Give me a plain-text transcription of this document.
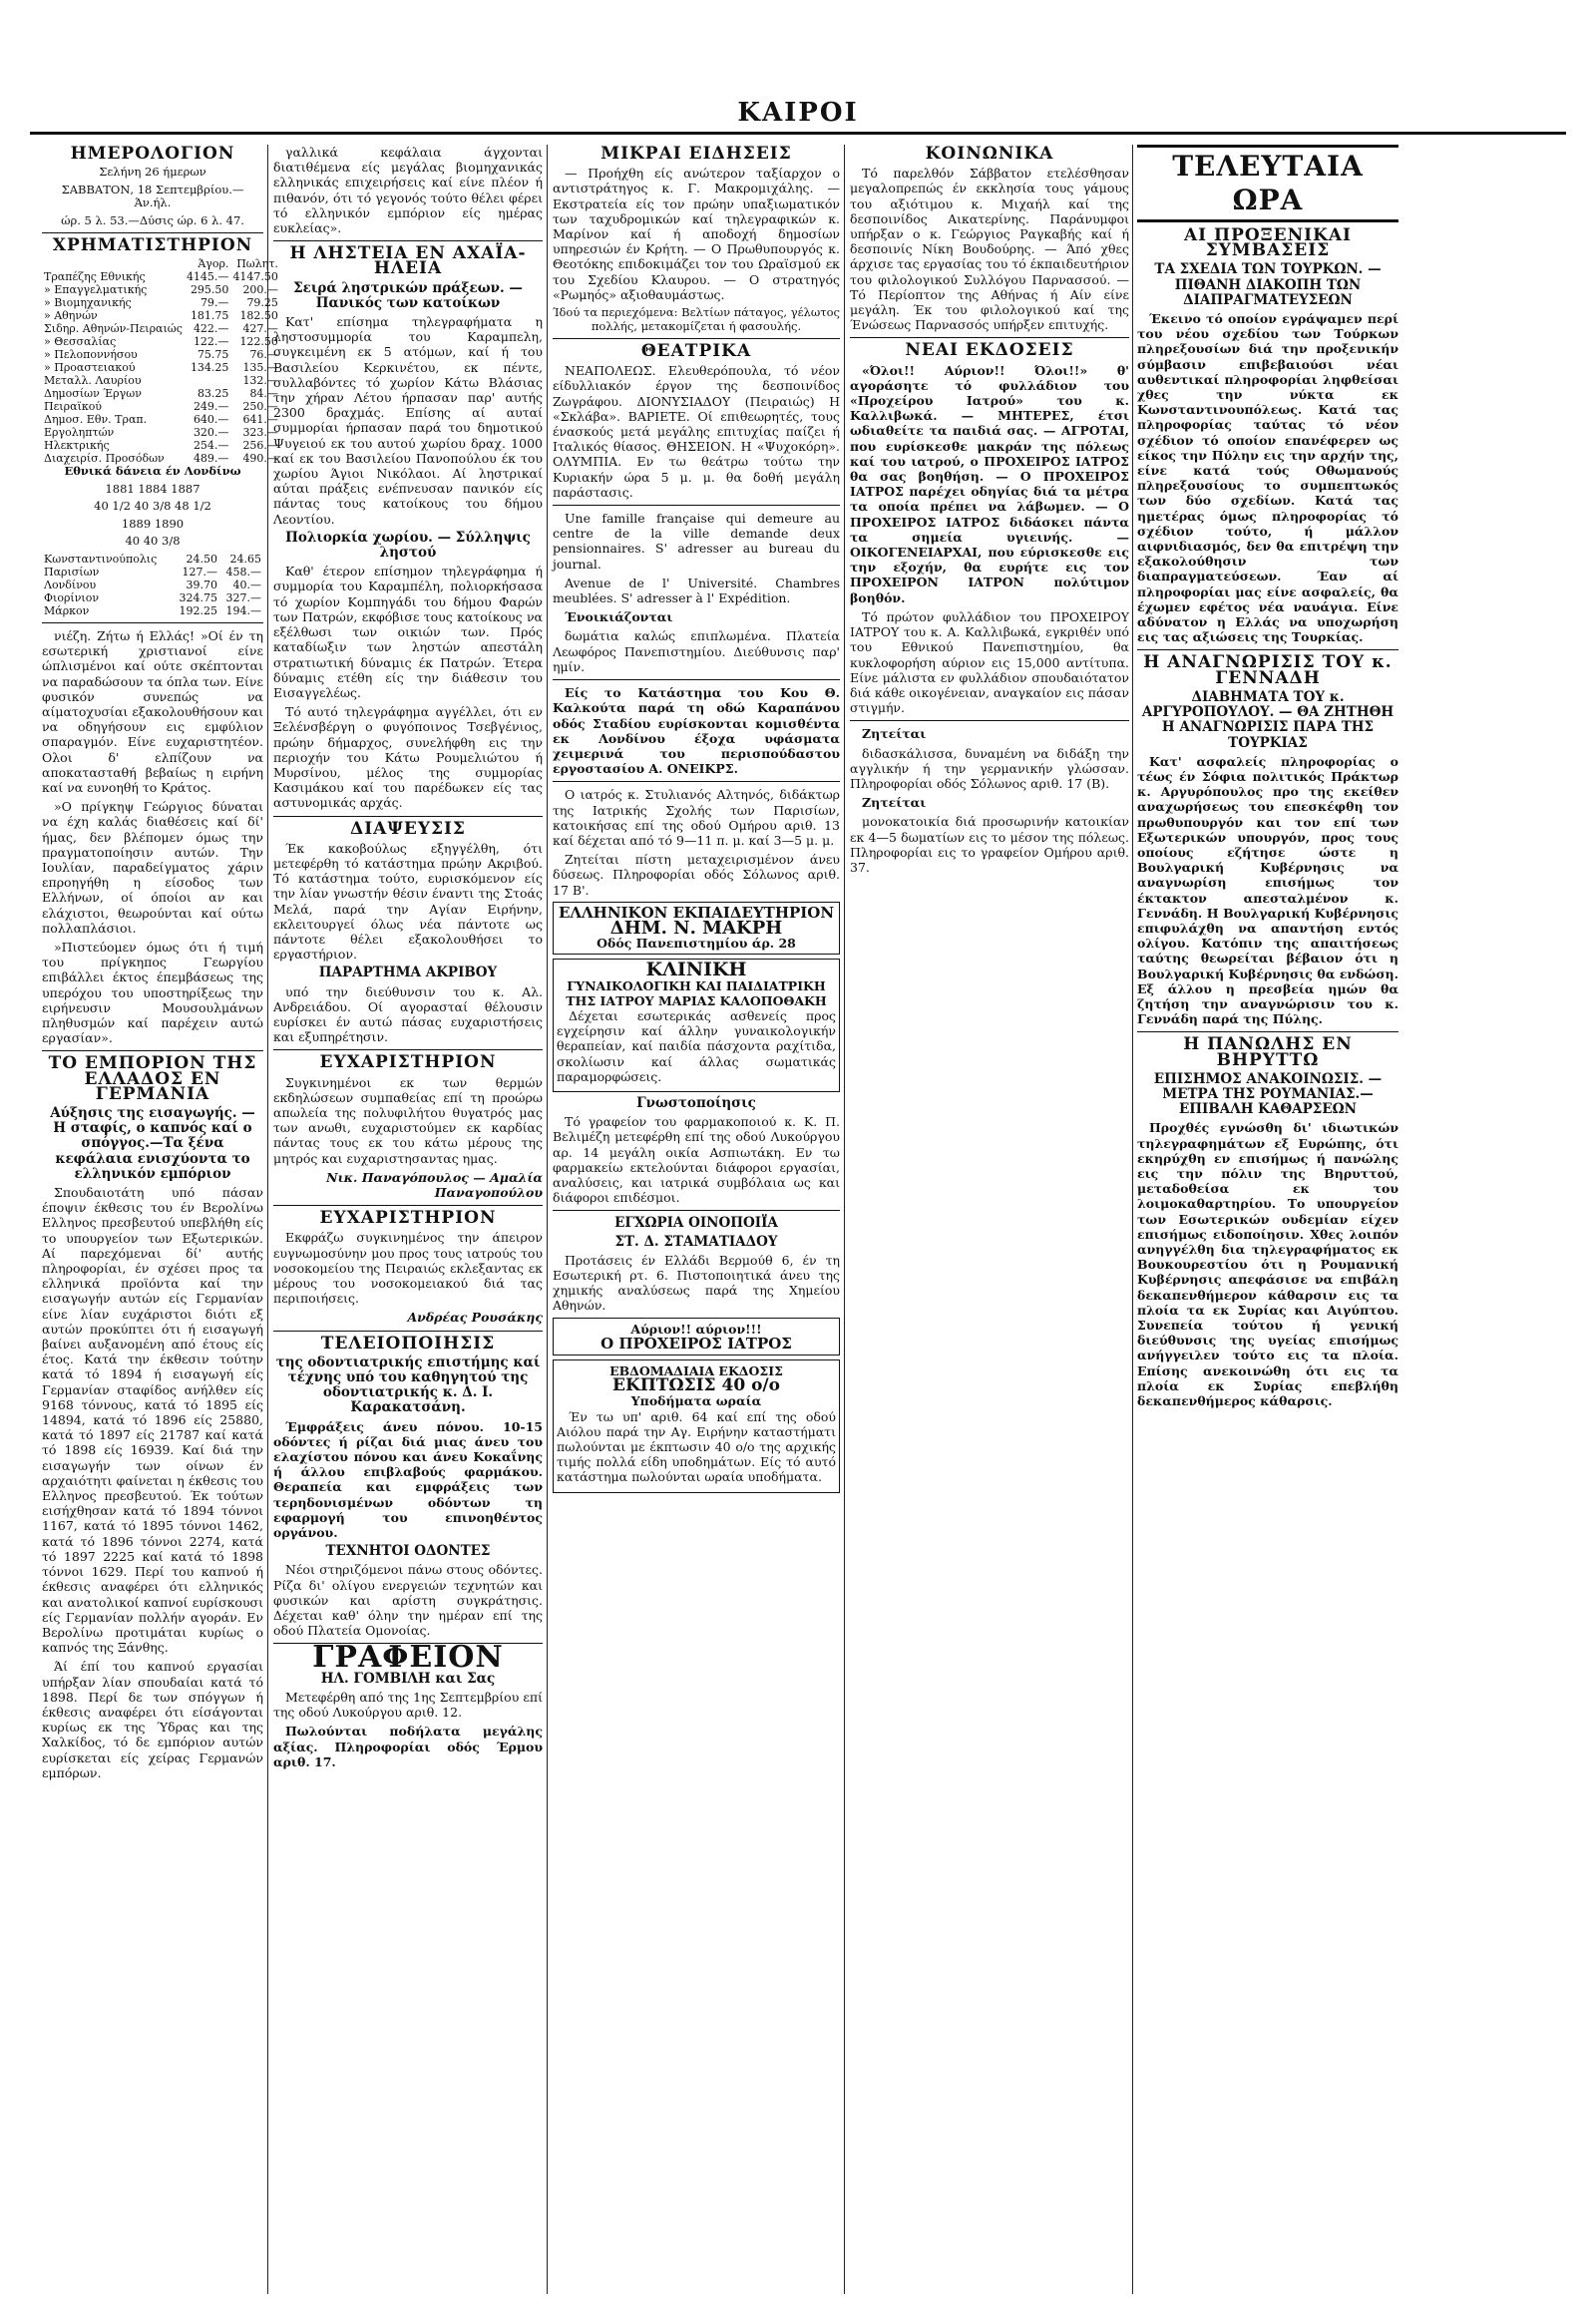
ΚΑΙΡΟΙ
ΗΜΕΡΟΛΟΓΙΟΝ

Σελήνη 26 ήμερων

ΣΑΒΒΑΤΟΝ, 18 Σεπτεμβρίου.— Άν.ήλ.

ώρ. 5 λ. 53.—Δύσις ώρ. 6 λ. 47.

ΧΡΗΜΑΤΙΣΤΗΡΙΟΝ
	Άγορ.	Πωλητ.
Τραπέζης Εθνικής	4145.—	4147.50
» Επαγγελματικής	295.50	200.—
» Βιομηχανικής	79.—	79.25
» Αθηνών	181.75	182.50
Σιδηρ. Αθηνών-Πειραιώς	422.—	427.—
» Θεσσαλίας	122.—	122.50
» Πελοποννήσου	75.75	76.—
» Προαστειακού	134.25	135.—
Μεταλλ. Λαυρίου		132.—
Δημοσίων Έργων	83.25	84.—
Πειραϊκού	249.—	250.—
Δημοσ. Εθν. Τραπ.	640.—	641.—
Εργοληπτών	320.—	323.—
Ηλεκτρικής	254.—	256.—
Διαχειρίσ. Προσόδων	489.—	490.—

Εθνικά δάνεια έν Λονδίνω

1881 1884 1887

40 1/2 40 3/8 48 1/2

1889 1890

40 40 3/8

Κωνσταντινούπολις	24.50	24.65
Παρισίων	127.—	458.—
Λονδίνου	39.70	40.—
Φιορίνιον	324.75	327.—
Μάρκον	192.25	194.—

νιέζη. Ζήτω ή Ελλάς! »Οί έν τη εσωτερική χριστιανοί είνε ώπλισμένοι καί ούτε σκέπτονται να παραδώσουν τα όπλα των. Είνε φυσικόν συνεπώς να αίματοχυσίαι εξακολουθήσουν και να οδηγήσουν εις εμφύλιον σπαραγμόν. Είνε ευχαριστητέον. Ολοι δ' ελπίζουν να αποκατασταθή βεβαίως η ειρήνη καί να ευνοηθή το Κράτος.

»Ο πρίγκηψ Γεώργιος δύναται να έχη καλάς διαθέσεις καί δί' ήμας, δεν βλέπομεν όμως την πραγματοποίησιν αυτών. Την Ιουλίαν, παραδείγματος χάριν επροηγήθη η είσοδος των Ελλήνων, οί όποίοι αν και ελάχιστοι, θεωρούνται καί ούτω πολλαπλάσιοι.

»Πιστεύομεν όμως ότι ή τιμή του πρίγκηπος Γεωργίου επιβάλλει έκτος έπεμβάσεως της υπερόχου του υποστηρίξεως την ειρήνευσιν Μουσουλμάνων πληθυσμών καί παρέχειν αυτώ εργασίαν».

ΤΟ ΕΜΠΟΡΙΟΝ ΤΗΣ ΕΛΛΑΔΟΣ ΕΝ ΓΕΡΜΑΝΙΑ
Αύξησις της εισαγωγής. — Η σταφίς, ο καπνός καί ο σπόγγος.—Τα ξένα κεφάλαια ενισχύοντα το ελληνικόν εμπόριον

Σπουδαιοτάτη υπό πάσαν έποψιν έκθεσις του έν Βερολίνω Ελληνος πρεσβευτού υπεβλήθη είς το υπουργείον των Εξωτερικών. Αί παρεχόμεναι δί' αυτής πληροφορίαι, έν σχέσει προς τα ελληνικά προϊόντα καί την εισαγωγήν αυτών είς Γερμανίαν είνε λίαν ευχάριστοι διότι εξ αυτών προκύπτει ότι ή εισαγωγή βαίνει αυξανομένη από έτους είς έτος. Κατά την έκθεσιν τούτην κατά τό 1894 ή εισαγωγή είς Γερμανίαν σταφίδος ανήλθεν είς 9168 τόννους, κατά τό 1895 είς 14894, κατά τό 1896 είς 25880, κατά τό 1897 είς 21787 καί κατά τό 1898 είς 16939. Καί διά την εισαγωγήν των οίνων έν αρχαιότητι φαίνεται η έκθεσις του Ελληνος πρεσβευτού. Έκ τούτων εισήχθησαν κατά τό 1894 τόννοι 1167, κατά τό 1895 τόννοι 1462, κατά τό 1896 τόννοι 2274, κατά τό 1897 2225 καί κατά τό 1898 τόννοι 1629. Περί του καπνού ή έκθεσις αναφέρει ότι ελληνικός και ανατολικοί καπνοί ευρίσκουσι είς Γερμανίαν πολλήν αγοράν. Εν Βερολίνω προτιμάται κυρίως ο καπνός της Ξάνθης.

Άί έπί του καπνού εργασίαι υπήρξαν λίαν σπουδαίαι κατά τό 1898. Περί δε των σπόγγων ή έκθεσις αναφέρει ότι είσάγονται κυρίως εκ της Ύδρας και της Χαλκίδος, τό δε εμπόριον αυτών ευρίσκεται είς χείρας Γερμανών εμπόρων.

γαλλικά κεφάλαια άγχονται διατιθέμενα είς μεγάλας βιομηχανικάς ελληνικάς επιχειρήσεις καί είνε πλέον ή πιθανόν, ότι τό γεγονός τούτο θέλει φέρει τό ελληνικόν εμπόριον είς ημέρας ευκλείας».

Η ΛΗΣΤΕΙΑ ΕΝ ΑΧΑΪΑ-ΗΛΕΙΑ
Σειρά ληστρικών πράξεων. — Πανικός των κατοίκων

Κατ' επίσημα τηλεγραφήματα η ληστοσυμμορία του Καραμπελη, συγκειμένη εκ 5 ατόμων, καί ή του Βασιλείου Κερκινέτου, εκ πέντε, συλλαβόντες τό χωρίον Κάτω Βλάσιας την χήραν Λέτου ήρπασαν παρ' αυτής 2300 δραχμάς. Επίσης αί αυταί συμμορίαι ήρπασαν παρά του δημοτικού Ψυγειού εκ του αυτού χωρίου δραχ. 1000 καί εκ του Βασιλείου Πανοπούλου έκ του χωρίου Άγιοι Νικόλαοι. Αί ληστρικαί αύται πράξεις ενέπνευσαν πανικόν είς πάντας τους κατοίκους του δήμου Λεοντίου.

Πολιορκία χωρίου. — Σύλληψις ληστού

Καθ' έτερον επίσημον τηλεγράφημα ή συμμορία του Καραμπέλη, πολιορκήσασα τό χωρίον Κομπηγάδι του δήμου Φαρών των Πατρών, εκφόβισε τους κατοίκους να εξέλθωσι των οικιών των. Πρός καταδίωξιν των ληστών απεστάλη στρατιωτική δύναμις έκ Πατρών. Έτερα δύναμις ετέθη είς την διάθεσιν του Εισαγγελέως.

Τό αυτό τηλεγράφημα αγγέλλει, ότι εν Ξελένσβέργη ο φυγόποινος Τσεβγένιος, πρώην δήμαρχος, συνελήφθη εις την περιοχήν του Κάτω Ρουμελιώτου ή Μυρσίνου, μέλος της συμμορίας Κασιμάκου καί του παρέδωκεν είς τας αστυνομικάς αρχάς.

ΔΙΑΨΕΥΣΙΣ

Έκ κακοβούλως εξηγγέλθη, ότι μετεφέρθη τό κατάστημα πρώην Ακριβού. Τό κατάστημα τούτο, ευρισκόμενον είς την λίαν γνωστήν θέσιν έναντι της Στοάς Μελά, παρά την Αγίαν Ειρήνην, εκλειτουργεί όλως νέα πάντοτε ως πάντοτε θέλει εξακολουθήσει το εργαστήριον.

ΠΑΡΑΡΤΗΜΑ ΑΚΡΙΒΟΥ

υπό την διεύθυνσιν του κ. Αλ. Ανδρειάδου. Οί αγορασταί θέλουσιν ευρίσκει έν αυτώ πάσας ευχαριστήσεις και εξυπηρέτησιν.

ΕΥΧΑΡΙΣΤΗΡΙΟΝ

Συγκινημένοι εκ των θερμών εκδηλώσεων συμπαθείας επί τη προώρω απωλεία της πολυφιλήτου θυγατρός μας των ανωθι, ευχαριστούμεν εκ καρδίας πάντας τους εκ του κάτω μέρους της μητρός και ευχαριστησαντας ημας.

Νικ. Παναγόπουλος — Αμαλία Παναγοπούλου

ΕΥΧΑΡΙΣΤΗΡΙΟΝ

Εκφράζω συγκινημένος την άπειρον ευγνωμοσύνην μου προς τους ιατρούς του νοσοκομείου της Πειραιώς εκλεξαντας εκ μέρους του νοσοκομειακού διά τας περιποιήσεις.

Ανδρέας Ρουσάκης

ΤΕΛΕΙΟΠΟΙΗΣΙΣ
της οδοντιατρικής επιστήμης καί τέχνης υπό του καθηγητού της οδοντιατρικής κ. Δ. Ι. Καρακατσάνη.

Έμφράξεις άνευ πόνου. 10-15 οδόντες ή ρίζαι διά μιας άνευ του ελαχίστου πόνου και άνευ Κοκαΐνης ή άλλου επιβλαβούς φαρμάκου. Θεραπεία και εμφράξεις των τερηδονισμένων οδόντων τη εφαρμογή του επινοηθέντος οργάνου.

ΤΕΧΝΗΤΟΙ ΟΔΟΝΤΕΣ

Νέοι στηριζόμενοι πάνω στους οδόντες. Ρίζα δι' ολίγου ενεργειών τεχνητών και φυσικών και αρίστη συγκράτησις. Δέχεται καθ' όλην την ημέραν επί της οδού Πλατεία Ομονοίας.

ΓΡΑΦΕΙΟΝ
ΗΛ. ΓΟΜΒΙΛΗ και Σας

Μετεφέρθη από της 1ης Σεπτεμβρίου επί της οδού Λυκούργου αριθ. 12.

Πωλούνται ποδήλατα μεγάλης αξίας. Πληροφορίαι οδός Έρμου αριθ. 17.

ΜΙΚΡΑΙ ΕΙΔΗΣΕΙΣ

— Προήχθη είς ανώτερον ταξίαρχον ο αντιστράτηγος κ. Γ. Μακρομιχάλης. — Εκστρατεία είς τον πρώην υπαξιωματικόν των ταχυδρομικών καί τηλεγραφικών κ. Μαρίνον καί ή αποδοχή δημοσίων υπηρεσιών έν Κρήτη. — Ο Πρωθυπουργός κ. Θεοτόκης επιδοκιμάζει τον του Ωραϊσμού εκ του Σχεδίου Κλαυρου. — Ο στρατηγός «Ρωμηός» αξιοθαυμάστως.

Ίδού τα περιεχόμενα: Βελτίων πάταγος, γέλωτος πολλής, μετακομίζεται ή φασουλής.

ΘΕΑΤΡΙΚΑ

ΝΕΑΠΟΛΕΩΣ. Ελευθερόπουλα, τό νέον είδυλλιακόν έργον της δεσποινίδος Ζωγράφου. ΔΙΟΝΥΣΙΑΔΟΥ (Πειραιώς) Η «Σκλάβα». ΒΑΡΙΕΤΕ. Οί επιθεωρητές, τους ένασκούς μετά μεγάλης επιτυχίας παίζει ή Ιταλικός θίασος. ΘΗΣΕΙΟΝ. Η «Ψυχοκόρη». ΟΛΥΜΠΙΑ. Εν τω θεάτρω τούτω την Κυριακήν ώρα 5 μ. μ. θα δοθή μεγάλη παράστασις.

Une famille française qui demeure au centre de la ville demande deux pensionnaires. S' adresser au bureau du journal.

Avenue de l' Université. Chambres meublées. S' adresser à l' Expédition.

Ένοικιάζονται

δωμάτια καλώς επιπλωμένα. Πλατεία Λεωφόρος Πανεπιστημίου. Διεύθυνσις παρ' ημίν.

Είς το Κατάστημα του Κου Θ. Καλκούτα παρά τη οδώ Καραπάνου οδός Σταδίου ευρίσκονται κομισθέντα εκ Λονδίνου έξοχα υφάσματα χειμερινά του περισπούδαστου εργοστασίου Α. ΟΝΕΙΚΡΣ.

Ο ιατρός κ. Στυλιανός Αλτηνός, διδάκτωρ της Ιατρικής Σχολής των Παρισίων, κατοικήσας επί της οδού Ομήρου αριθ. 13 καί δέχεται από τό 9—11 π. μ. καί 3—5 μ. μ.

Ζητείται πίστη μεταχειρισμένον άνευ δύσεως. Πληροφορίαι οδός Σόλωνος αριθ. 17 Β'.

ΕΛΛΗΝΙΚΟΝ ΕΚΠΑΙΔΕΥΤΗΡΙΟΝ
ΔΗΜ. Ν. ΜΑΚΡΗ
Οδός Πανεπιστημίου άρ. 28
ΚΛΙΝΙΚΗ
ΓΥΝΑΙΚΟΛΟΓΙΚΗ ΚΑΙ ΠΑΙΔΙΑΤΡΙΚΗ
ΤΗΣ ΙΑΤΡΟΥ ΜΑΡΙΑΣ ΚΑΛΟΠΟΘΑΚΗ

Δέχεται εσωτερικάς ασθενείς προς εγχείρησιν καί άλλην γυναικολογικήν θεραπείαν, καί παιδία πάσχοντα ραχίτιδα, σκολίωσιν καί άλλας σωματικάς παραμορφώσεις.

Γνωστοποίησις

Τό γραφείον του φαρμακοποιού κ. Κ. Π. Βελιμέζη μετεφέρθη επί της οδού Λυκούργου αρ. 14 μεγάλη οικία Ασπιωτάκη. Εν τω φαρμακείω εκτελούνται διάφοροι εργασίαι, αναλύσεις, και ιατρικά συμβόλαια ως και διάφοροι επιδέσμοι.

ΕΓΧΩΡΙΑ ΟΙΝΟΠΟΙΪΑ
ΣΤ. Δ. ΣΤΑΜΑΤΙΑΔΟΥ

Προτάσεις έν Ελλάδι Βερμούθ 6, έν τη Εσωτερική ρτ. 6. Πιστοποιητικά άνευ της χημικής αναλύσεως παρά της Χημείου Αθηνών.

Αύριον!! αύριον!!!
Ο ΠΡΟΧΕΙΡΟΣ ΙΑΤΡΟΣ
ΕΒΔΟΜΑΔΙΑΙΑ ΕΚΔΟΣΙΣ
ΕΚΠΤΩΣΙΣ 40 ο/ο
Υποδήματα ωραία

Έν τω υπ' αριθ. 64 καί επί της οδού Αιόλου παρά την Αγ. Ειρήνην καταστήματι πωλούνται με έκπτωσιν 40 ο/ο της αρχικής τιμής πολλά είδη υποδημάτων. Είς τό αυτό κατάστημα πωλούνται ωραία υποδήματα.

ΚΟΙΝΩΝΙΚΑ

Τό παρελθόν Σάββατον ετελέσθησαν μεγαλοπρεπώς έν εκκλησία τους γάμους του αξιότιμου κ. Μιχαήλ καί της δεσποινίδος Αικατερίνης. Παράνυμφοι υπήρξαν ο κ. Γεώργιος Ραγκαβής καί ή δεσποινίς Νίκη Βουδούρης. — Άπό χθες άρχισε τας εργασίας του τό έκπαιδευτήριον του φιλολογικού Συλλόγου Παρνασσού. — Τό Περίοπτον της Αθήνας ή Αίν είνε μεγάλη. Έκ του φιλολογικού καί της Ένώσεως Παρνασσός υπήρξεν επιτυχής.

ΝΕΑΙ ΕΚΔΟΣΕΙΣ

«Όλοι!! Αύριον!! Όλοι!!» θ' αγοράσητε τό φυλλάδιον του «Προχείρου Ιατρού» του κ. Καλλιβωκά. — ΜΗΤΕΡΕΣ, έτσι ωδιαθείτε τα παιδιά σας. — ΑΓΡΟΤΑΙ, που ευρίσκεσθε μακράν της πόλεως καί του ιατρού, ο ΠΡΟΧΕΙΡΟΣ ΙΑΤΡΟΣ θα σας βοηθήση. — Ο ΠΡΟΧΕΙΡΟΣ ΙΑΤΡΟΣ παρέχει οδηγίας διά τα μέτρα τα οποία πρέπει να λάβωμεν. — Ο ΠΡΟΧΕΙΡΟΣ ΙΑΤΡΟΣ διδάσκει πάντα τα σημεία υγιεινής. — ΟΙΚΟΓΕΝΕΙΑΡΧΑΙ, που εύρισκεσθε εις την εξοχήν, θα ευρήτε εις τον ΠΡΟΧΕΙΡΟΝ ΙΑΤΡΟΝ πολύτιμον βοηθόν.

Τό πρώτον φυλλάδιον του ΠΡΟΧΕΙΡΟΥ ΙΑΤΡΟΥ του κ. Α. Καλλιβωκά, εγκριθέν υπό του Εθνικού Πανεπιστημίου, θα κυκλοφορήση αύριον εις 15,000 αντίτυπα. Είνε μάλιστα εν φυλλάδιον σπουδαιότατον διά κάθε οικογένειαν, αναγκαίον εις πάσαν στιγμήν.

Ζητείται

διδασκάλισσα, δυναμένη να διδάξη την αγγλικήν ή την γερμανικήν γλώσσαν. Πληροφορίαι οδός Σόλωνος αριθ. 17 (Β).

Ζητείται

μονοκατοικία διά προσωρινήν κατοικίαν εκ 4—5 δωματίων εις το μέσον της πόλεως. Πληροφορίαι εις το γραφείον Ομήρου αριθ. 37.

ΤΕΛΕΥΤΑΙΑ ΩΡΑ
ΑΙ ΠΡΟΞΕΝΙΚΑΙ ΣΥΜΒΑΣΕΙΣ
ΤΑ ΣΧΕΔΙΑ ΤΩΝ ΤΟΥΡΚΩΝ. — ΠΙΘΑΝΗ ΔΙΑΚΟΠΗ ΤΩΝ ΔΙΑΠΡΑΓΜΑΤΕΥΣΕΩΝ

Έκεινο τό οποίον εγράψαμεν περί του νέου σχεδίου των Τούρκων πληρεξουσίων διά την προξενικήν σύμβασιν επιβεβαιούσι νέαι αυθεντικαί πληροφορίαι ληφθείσαι χθες την νύκτα εκ Κωνσταντινουπόλεως. Κατά τας πληροφορίας ταύτας τό νέον σχέδιον τό οποίον επανέφερεν ως είκος την Πύλην εις την αρχήν της, είνε κατά τούς Οθωμανούς πληρεξουσίους το συμπεπτωκός των δύο σχεδίων. Κατά τας ημετέρας όμως πληροφορίας τό σχέδιον τούτο, ή μάλλον αιφνιδιασμός, δεν θα επιτρέψη την εξακολούθησιν των διαπραγματεύσεων. Έαν αί πληροφορίαι μας είνε ασφαλείς, θα έχωμεν εφέτος νέα ναυάγια. Είνε αδύνατον η Ελλάς να υποχωρήση εις τας αξιώσεις της Τουρκίας.

Η ΑΝΑΓΝΩΡΙΣΙΣ ΤΟΥ κ. ΓΕΝΝΑΔΗ
ΔΙΑΒΗΜΑΤΑ ΤΟΥ κ. ΑΡΓΥΡΟΠΟΥΛΟΥ. — ΘΑ ΖΗΤΗΘΗ Η ΑΝΑΓΝΩΡΙΣΙΣ ΠΑΡΑ ΤΗΣ ΤΟΥΡΚΙΑΣ

Κατ' ασφαλείς πληροφορίας ο τέως έν Σόφια πολιτικός Πράκτωρ κ. Αργυρόπουλος προ της εκείθεν αναχωρήσεως του επεσκέφθη τον πρωθυπουργόν και τον επί των Εξωτερικών υπουργόν, προς τους οποίους εζήτησε ώστε η Βουλγαρική Κυβέρνησις να αναγνωρίση επισήμως τον έκτακτον απεσταλμένον κ. Γεννάδη. Η Βουλγαρική Κυβέρνησις επιφυλάχθη να απαντήση εντός ολίγου. Κατόπιν της απαιτήσεως ταύτης θεωρείται βέβαιον ότι η Βουλγαρική Κυβέρνησις θα ενδώση. Εξ άλλου η πρεσβεία ημών θα ζητήση την αναγνώρισιν του κ. Γεννάδη παρά της Πύλης.

Η ΠΑΝΩΛΗΣ ΕΝ ΒΗΡΥΤΤΩ
ΕΠΙΣΗΜΟΣ ΑΝΑΚΟΙΝΩΣΙΣ. — ΜΕΤΡΑ ΤΗΣ ΡΟΥΜΑΝΙΑΣ.—ΕΠΙΒΑΛΗ ΚΑΘΑΡΣΕΩΝ

Προχθές εγνώσθη δι' ιδιωτικών τηλεγραφημάτων εξ Ευρώπης, ότι εκηρύχθη εν επισήμως ή πανώλης εις την πόλιν της Βηρυττού, μεταδοθείσα εκ του λοιμοκαθαρτηρίου. Το υπουργείον των Εσωτερικών ουδεμίαν είχεν επισήμως ειδοποίησιν. Χθες λοιπόν ανηγγέλθη δια τηλεγραφήματος εκ Βουκουρεστίου ότι η Ρουμανική Κυβέρνησις απεφάσισε να επιβάλη δεκαπενθήμερον κάθαρσιν εις τα πλοία τα εκ Συρίας και Αιγύπτου. Συνεπεία τούτου ή γενική διεύθυνσις της υγείας επισήμως ανήγγειλεν τούτο εις τα πλοία. Επίσης ανεκοινώθη ότι εις τα πλοία εκ Συρίας επεβλήθη δεκαπενθήμερος κάθαρσις.
